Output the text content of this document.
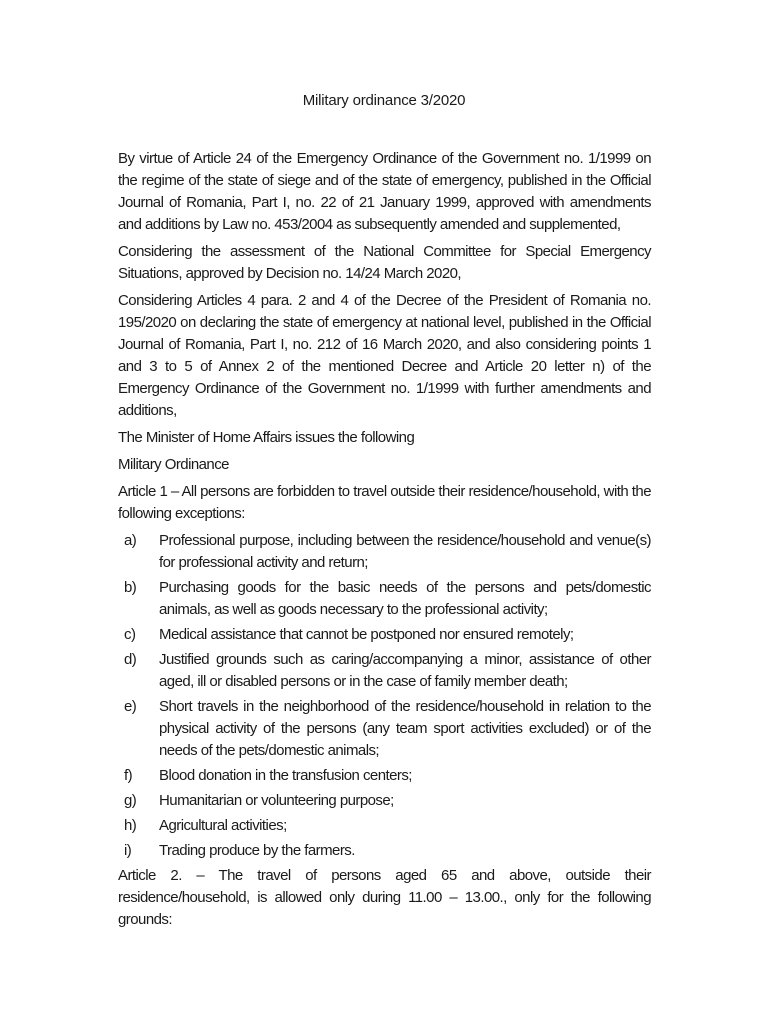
Military ordinance 3/2020

By virtue of Article 24 of the Emergency Ordinance of the Government no. 1/1999 on the regime of the state of siege and of the state of emergency, published in the Official Journal of Romania, Part I, no. 22 of 21 January 1999, approved with amendments and additions by Law no. 453/2004 as subsequently amended and supplemented,

Considering the assessment of the National Committee for Special Emergency Situations, approved by Decision no. 14/24 March 2020,

Considering Articles 4 para. 2 and 4 of the Decree of the President of Romania no. 195/2020 on declaring the state of emergency at national level, published in the Official Journal of Romania, Part I, no. 212 of 16 March 2020, and also considering points 1 and 3 to 5 of Annex 2 of the mentioned Decree and Article 20 letter n) of the Emergency Ordinance of the Government no. 1/1999 with further amendments and additions,

The Minister of Home Affairs issues the following

Military Ordinance

Article 1 – All persons are forbidden to travel outside their residence/household, with the following exceptions:

a)	Professional purpose, including between the residence/household and venue(s) for professional activity and return;
b)	Purchasing goods for the basic needs of the persons and pets/domestic animals, as well as goods necessary to the professional activity;
c)	Medical assistance that cannot be postponed nor ensured remotely;
d)	Justified grounds such as caring/accompanying a minor, assistance of other aged, ill or disabled persons or in the case of family member death;
e)	Short travels in the neighborhood of the residence/household in relation to the physical activity of the persons (any team sport activities excluded) or of the needs of the pets/domestic animals;
f)	Blood donation in the transfusion centers;
g)	Humanitarian or volunteering purpose;
h)	Agricultural activities;
i)	Trading produce by the farmers.

Article 2. – The travel of persons aged 65 and above, outside their residence/household, is allowed only during 11.00 – 13.00., only for the following grounds:
